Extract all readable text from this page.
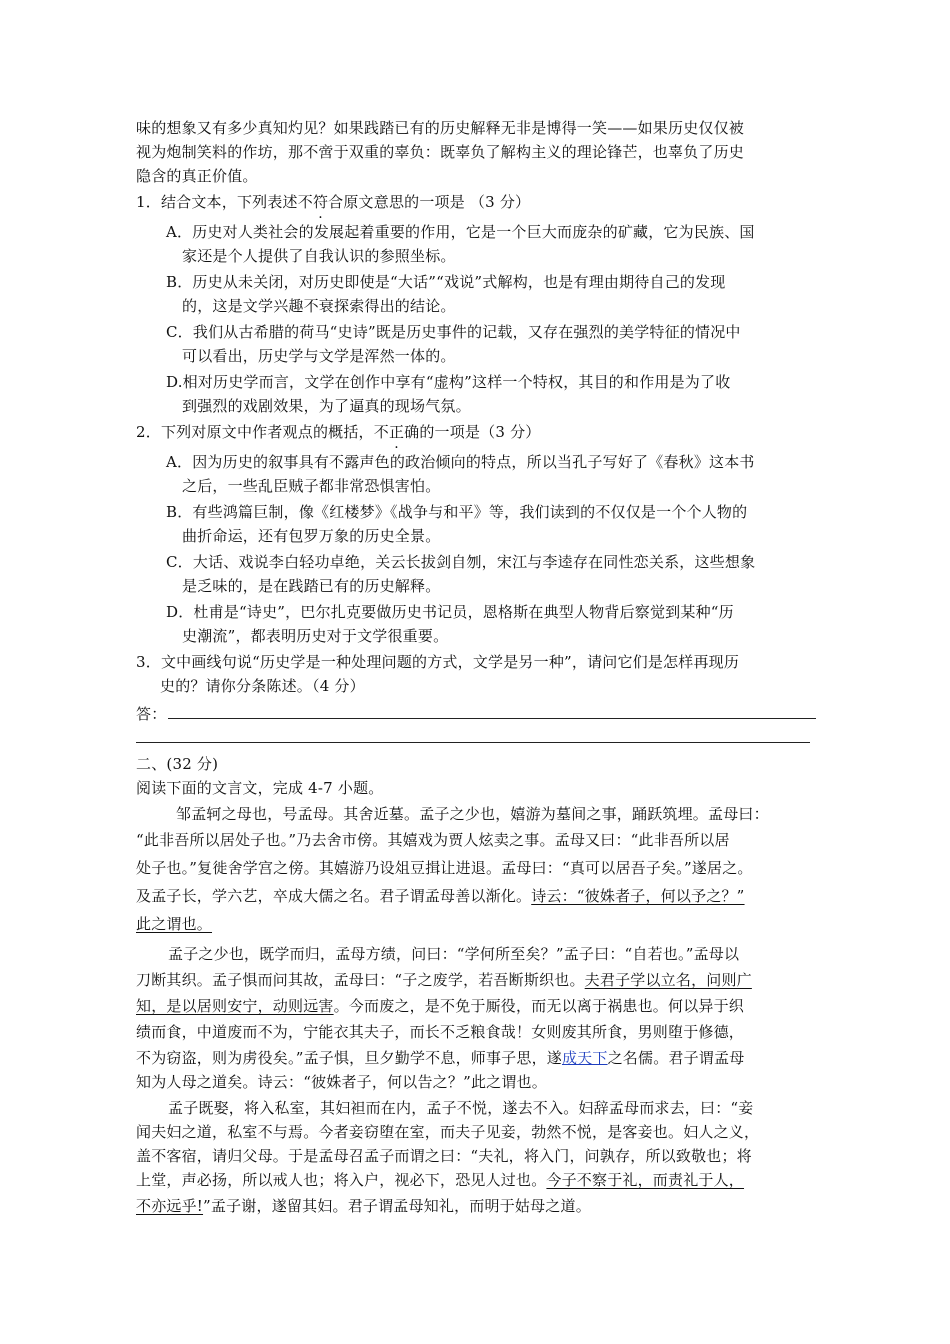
味的想象又有多少真知灼见？如果践踏已有的历史解释无非是博得一笑——如果历史仅仅被
视为炮制笑料的作坊，那不啻于双重的辜负：既辜负了解构主义的理论锋芒，也辜负了历史
隐含的真正价值。
1．结合文本，下列表述不符合原文意思的一项是 （3 分）
A．历史对人类社会的发展起着重要的作用，它是一个巨大而庞杂的矿藏，它为民族、国
家还是个人提供了自我认识的参照坐标。
B．历史从未关闭，对历史即使是“大话”“戏说”式解构，也是有理由期待自己的发现
的，这是文学兴趣不衰探索得出的结论。
C．我们从古希腊的荷马“史诗”既是历史事件的记载，又存在强烈的美学特征的情况中
可以看出，历史学与文学是浑然一体的。
D.相对历史学而言，文学在创作中享有“虚构”这样一个特权，其目的和作用是为了收
到强烈的戏剧效果，为了逼真的现场气氛。
2．下列对原文中作者观点的概括，不正确的一项是（3 分）
A．因为历史的叙事具有不露声色的政治倾向的特点，所以当孔子写好了《春秋》这本书
之后，一些乱臣贼子都非常恐惧害怕。
B．有些鸿篇巨制，像《红楼梦》《战争与和平》等，我们读到的不仅仅是一个个人物的
曲折命运，还有包罗万象的历史全景。
C．大话、戏说李白轻功卓绝，关云长拔剑自刎，宋江与李逵存在同性恋关系，这些想象
是乏味的，是在践踏已有的历史解释。
D．杜甫是“诗史”，巴尔扎克要做历史书记员，恩格斯在典型人物背后察觉到某种“历
史潮流”，都表明历史对于文学很重要。
3．文中画线句说“历史学是一种处理问题的方式，文学是另一种”，请问它们是怎样再现历
史的？请你分条陈述。（4 分）
答：
二、(32 分)
阅读下面的文言文，完成 4-7 小题。
邹孟轲之母也，号孟母。其舍近墓。孟子之少也，嬉游为墓间之事，踊跃筑埋。孟母曰：
“此非吾所以居处子也。”乃去舍市傍。其嬉戏为贾人炫卖之事。孟母又曰：“此非吾所以居
处子也。”复徙舍学宫之傍。其嬉游乃设俎豆揖让进退。孟母曰：“真可以居吾子矣。”遂居之。
及孟子长，学六艺，卒成大儒之名。君子谓孟母善以渐化。诗云：“彼姝者子，何以予之？”
此之谓也。
孟子之少也，既学而归，孟母方绩，问曰：“学何所至矣？”孟子曰：“自若也。”孟母以
刀断其织。孟子惧而问其故，孟母曰：“子之废学，若吾断斯织也。夫君子学以立名，问则广
知，是以居则安宁，动则远害。今而废之，是不免于厮役，而无以离于祸患也。何以异于织
绩而食，中道废而不为，宁能衣其夫子，而长不乏粮食哉！女则废其所食，男则堕于修德，
不为窃盗，则为虏役矣。”孟子惧，旦夕勤学不息，师事子思，遂成天下之名儒。君子谓孟母
知为人母之道矣。诗云：“彼姝者子，何以告之？”此之谓也。
孟子既娶，将入私室，其妇袒而在内，孟子不悦，遂去不入。妇辞孟母而求去，曰：“妾
闻夫妇之道，私室不与焉。今者妾窃堕在室，而夫子见妾，勃然不悦，是客妾也。妇人之义，
盖不客宿，请归父母。于是孟母召孟子而谓之曰：“夫礼，将入门，问孰存，所以致敬也；将
上堂，声必扬，所以戒人也；将入户，视必下，恐见人过也。今子不察于礼，而责礼于人，
不亦远乎!”孟子谢，遂留其妇。君子谓孟母知礼，而明于姑母之道。
